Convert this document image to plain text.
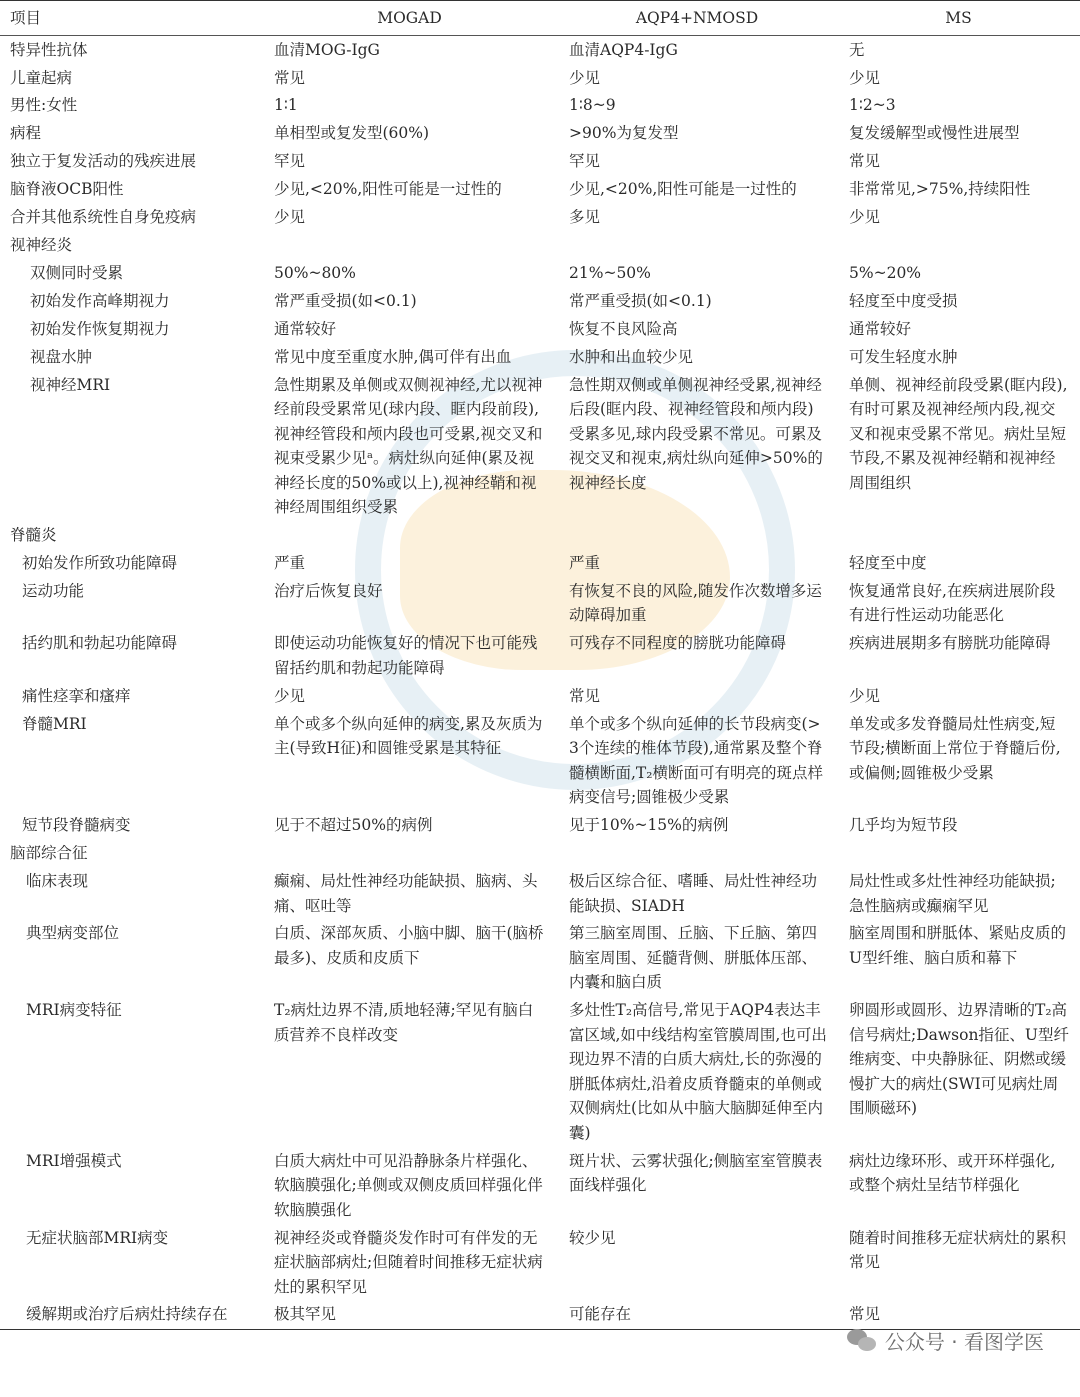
项目	MOGAD	AQP4+NMOSD	MS
特异性抗体	血清MOG-IgG	血清AQP4-IgG	无
儿童起病	常见	少见	少见
男性:女性	1∶1	1∶8~9	1∶2~3
病程	单相型或复发型(60%)	>90%为复发型	复发缓解型或慢性进展型
独立于复发活动的残疾进展	罕见	罕见	常见
脑脊液OCB阳性	少见,<20%,阳性可能是一过性的	少见,<20%,阳性可能是一过性的	非常常见,>75%,持续阳性
合并其他系统性自身免疫病	少见	多见	少见
视神经炎			
双侧同时受累	50%~80%	21%~50%	5%~20%
初始发作高峰期视力	常严重受损(如<0.1)	常严重受损(如<0.1)	轻度至中度受损
初始发作恢复期视力	通常较好	恢复不良风险高	通常较好
视盘水肿	常见中度至重度水肿,偶可伴有出血	水肿和出血较少见	可发生轻度水肿
视神经MRI	急性期累及单侧或双侧视神经,尤以视神经前段受累常见(球内段、眶内段前段),视神经管段和颅内段也可受累,视交叉和视束受累少见ᵃ。病灶纵向延伸(累及视神经长度的50%或以上),视神经鞘和视神经周围组织受累	急性期双侧或单侧视神经受累,视神经后段(眶内段、视神经管段和颅内段)受累多见,球内段受累不常见。可累及视交叉和视束,病灶纵向延伸>50%的视神经长度	单侧、视神经前段受累(眶内段),有时可累及视神经颅内段,视交叉和视束受累不常见。病灶呈短节段,不累及视神经鞘和视神经周围组织
脊髓炎			
初始发作所致功能障碍	严重	严重	轻度至中度
运动功能	治疗后恢复良好	有恢复不良的风险,随发作次数增多运动障碍加重	恢复通常良好,在疾病进展阶段有进行性运动功能恶化
括约肌和勃起功能障碍	即使运动功能恢复好的情况下也可能残留括约肌和勃起功能障碍	可残存不同程度的膀胱功能障碍	疾病进展期多有膀胱功能障碍
痛性痉挛和瘙痒	少见	常见	少见
脊髓MRI	单个或多个纵向延伸的病变,累及灰质为主(导致H征)和圆锥受累是其特征	单个或多个纵向延伸的长节段病变(>3个连续的椎体节段),通常累及整个脊髓横断面,T₂横断面可有明亮的斑点样病变信号;圆锥极少受累	单发或多发脊髓局灶性病变,短节段;横断面上常位于脊髓后份,或偏侧;圆锥极少受累
短节段脊髓病变	见于不超过50%的病例	见于10%~15%的病例	几乎均为短节段
脑部综合征			
临床表现	癫痫、局灶性神经功能缺损、脑病、头痛、呕吐等	极后区综合征、嗜睡、局灶性神经功能缺损、SIADH	局灶性或多灶性神经功能缺损;急性脑病或癫痫罕见
典型病变部位	白质、深部灰质、小脑中脚、脑干(脑桥最多)、皮质和皮质下	第三脑室周围、丘脑、下丘脑、第四脑室周围、延髓背侧、胼胝体压部、内囊和脑白质	脑室周围和胼胝体、紧贴皮质的U型纤维、脑白质和幕下
MRI病变特征	T₂病灶边界不清,质地轻薄;罕见有脑白质营养不良样改变	多灶性T₂高信号,常见于AQP4表达丰富区域,如中线结构室管膜周围,也可出现边界不清的白质大病灶,长的弥漫的胼胝体病灶,沿着皮质脊髓束的单侧或双侧病灶(比如从中脑大脑脚延伸至内囊)	卵圆形或圆形、边界清晰的T₂高信号病灶;Dawson指征、U型纤维病变、中央静脉征、阴燃或缓慢扩大的病灶(SWI可见病灶周围顺磁环)
MRI增强模式	白质大病灶中可见沿静脉条片样强化、软脑膜强化;单侧或双侧皮质回样强化伴软脑膜强化	斑片状、云雾状强化;侧脑室室管膜表面线样强化	病灶边缘环形、或开环样强化,或整个病灶呈结节样强化
无症状脑部MRI病变	视神经炎或脊髓炎发作时可有伴发的无症状脑部病灶;但随着时间推移无症状病灶的累积罕见	较少见	随着时间推移无症状病灶的累积常见
缓解期或治疗后病灶持续存在	极其罕见	可能存在	常见
公众号 · 看图学医
